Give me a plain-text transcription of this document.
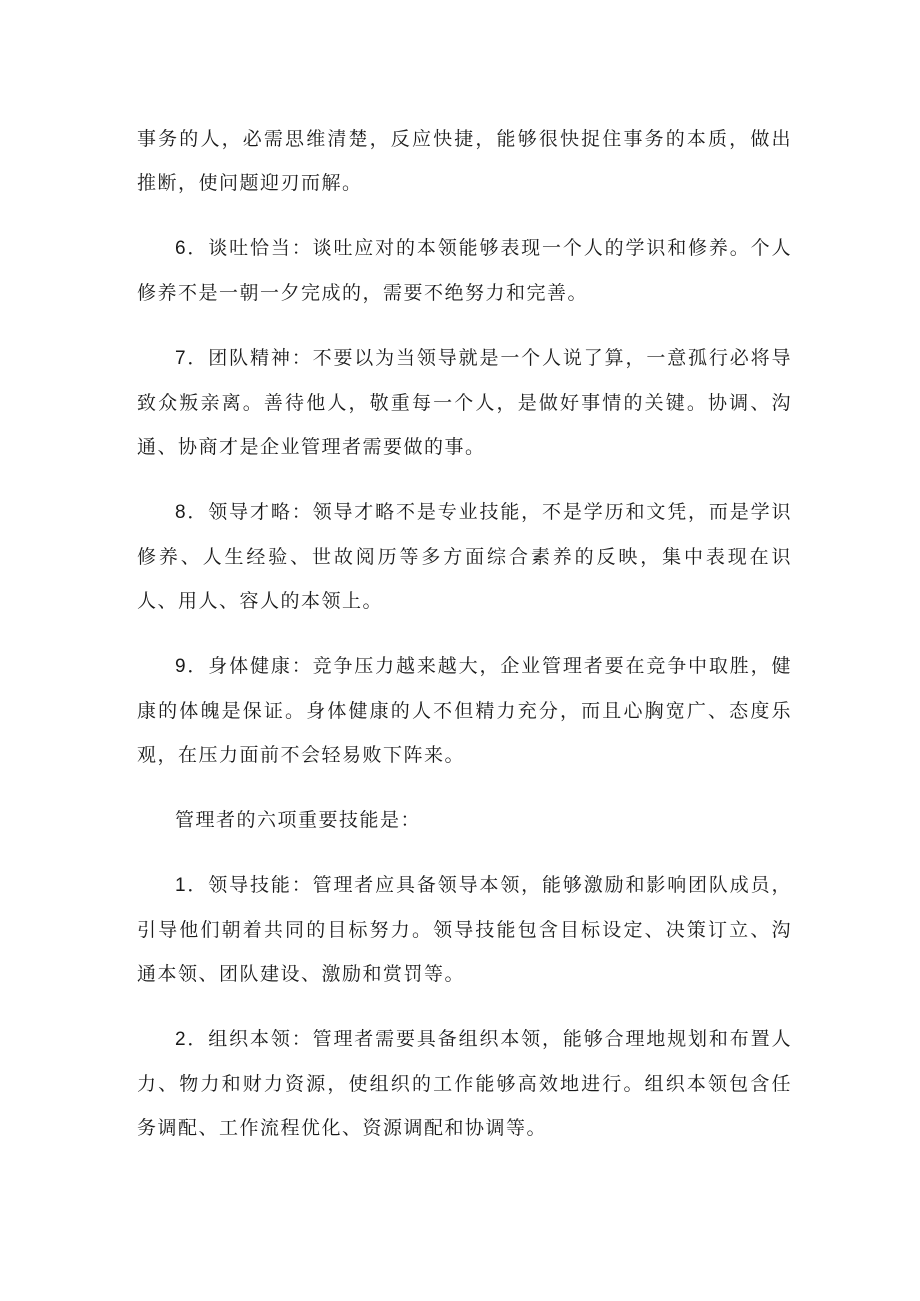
事务的人，必需思维清楚，反应快捷，能够很快捉住事务的本质，做出推断，使问题迎刃而解。

6．谈吐恰当：谈吐应对的本领能够表现一个人的学识和修养。个人修养不是一朝一夕完成的，需要不绝努力和完善。

7．团队精神：不要以为当领导就是一个人说了算，一意孤行必将导致众叛亲离。善待他人，敬重每一个人，是做好事情的关键。协调、沟通、协商才是企业管理者需要做的事。

8．领导才略：领导才略不是专业技能，不是学历和文凭，而是学识修养、人生经验、世故阅历等多方面综合素养的反映，集中表现在识人、用人、容人的本领上。

9．身体健康：竞争压力越来越大，企业管理者要在竞争中取胜，健康的体魄是保证。身体健康的人不但精力充分，而且心胸宽广、态度乐观，在压力面前不会轻易败下阵来。

管理者的六项重要技能是：

1．领导技能：管理者应具备领导本领，能够激励和影响团队成员，引导他们朝着共同的目标努力。领导技能包含目标设定、决策订立、沟通本领、团队建设、激励和赏罚等。

2．组织本领：管理者需要具备组织本领，能够合理地规划和布置人力、物力和财力资源，使组织的工作能够高效地进行。组织本领包含任务调配、工作流程优化、资源调配和协调等。
